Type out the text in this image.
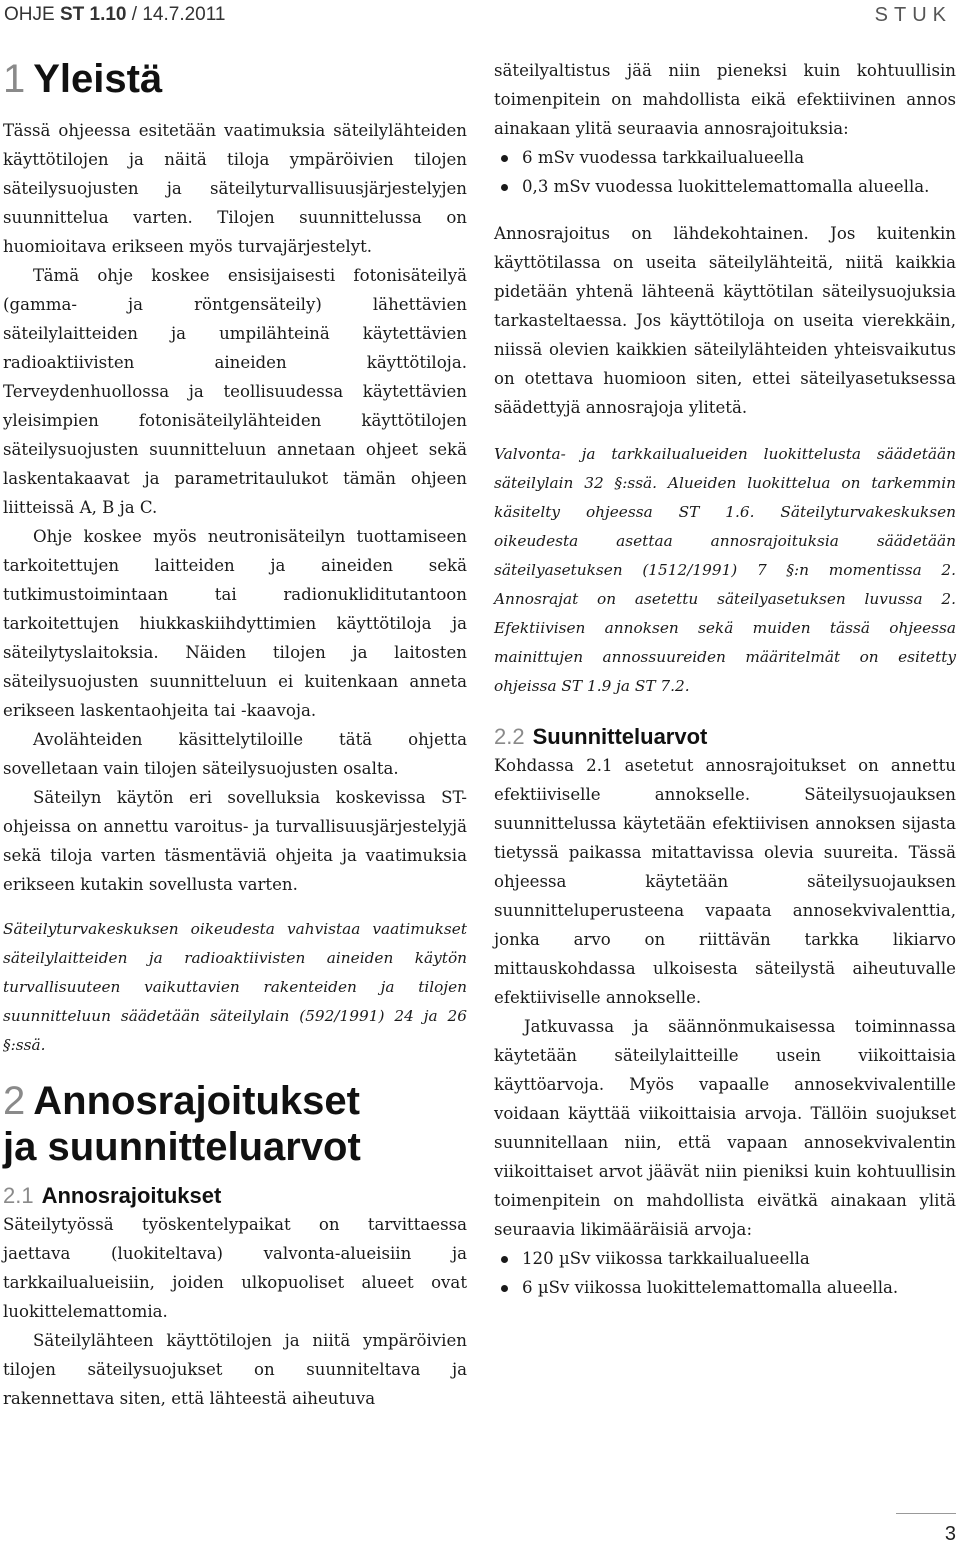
OHJE ST 1.10 / 14.7.2011	STUK
1 Yleistä

Tässä ohjeessa esitetään vaatimuksia säteilylähteiden käyttötilojen ja näitä tiloja ympäröivien tilojen säteilysuojusten ja säteilyturvallisuusjärjestelyjen suunnittelua varten. Tilojen suunnittelussa on huomioitava erikseen myös turvajärjestelyt.

Tämä ohje koskee ensisijaisesti fotonisäteilyä (gamma- ja röntgensäteily) lähettävien säteilylaitteiden ja umpilähteinä käytettävien radioaktiivisten aineiden käyttötiloja. Terveydenhuollossa ja teollisuudessa käytettävien yleisimpien fotonisäteilylähteiden käyttötilojen säteilysuojusten suunnitteluun annetaan ohjeet sekä laskentakaavat ja parametritaulukot tämän ohjeen liitteissä A, B ja C.

Ohje koskee myös neutronisäteilyn tuottamiseen tarkoitettujen laitteiden ja aineiden sekä tutkimustoimintaan tai radionukliditutantoon tarkoitettujen hiukkaskiihdyttimien käyttötiloja ja säteilytyslaitoksia. Näiden tilojen ja laitosten säteilysuojusten suunnitteluun ei kuitenkaan anneta erikseen laskentaohjeita tai -kaavoja.

Avolähteiden käsittelytiloille tätä ohjetta sovelletaan vain tilojen säteilysuojusten osalta.

Säteilyn käytön eri sovelluksia koskevissa ST-ohjeissa on annettu varoitus- ja turvallisuusjärjestelyjä sekä tiloja varten täsmentäviä ohjeita ja vaatimuksia erikseen kutakin sovellusta varten.

Säteilyturvakeskuksen oikeudesta vahvistaa vaatimukset säteilylaitteiden ja radioaktiivisten aineiden käytön turvallisuuteen vaikuttavien rakenteiden ja tilojen suunnitteluun säädetään säteilylain (592/1991) 24 ja 26 §:ssä.

2 Annosrajoitukset
ja suunnitteluarvot
2.1 Annosrajoitukset

Säteilytyössä työskentelypaikat on tarvittaessa jaettava (luokiteltava) valvonta-alueisiin ja tarkkailualueisiin, joiden ulkopuoliset alueet ovat luokittelemattomia.

Säteilylähteen käyttötilojen ja niitä ympäröivien tilojen säteilysuojukset on suunniteltava ja rakennettava siten, että lähteestä aiheutuva

säteilyaltistus jää niin pieneksi kuin kohtuullisin toimenpitein on mahdollista eikä efektiivinen annos ainakaan ylitä seuraavia annosrajoituksia:

6 mSv vuodessa tarkkailualueella
0,3 mSv vuodessa luokittelemattomalla alueella.

Annosrajoitus on lähdekohtainen. Jos kuitenkin käyttötilassa on useita säteilylähteitä, niitä kaikkia pidetään yhtenä lähteenä käyttötilan säteilysuojuksia tarkasteltaessa. Jos käyttötiloja on useita vierekkäin, niissä olevien kaikkien säteilylähteiden yhteisvaikutus on otettava huomioon siten, ettei säteilyasetuksessa säädettyjä annosrajoja ylitetä.

Valvonta- ja tarkkailualueiden luokittelusta säädetään säteilylain 32 §:ssä. Alueiden luokittelua on tarkemmin käsitelty ohjeessa ST 1.6. Säteilyturvakeskuksen oikeudesta asettaa annosrajoituksia säädetään säteilyasetuksen (1512/1991) 7 §:n momentissa 2. Annosrajat on asetettu säteilyasetuksen luvussa 2. Efektiivisen annoksen sekä muiden tässä ohjeessa mainittujen annossuureiden määritelmät on esitetty ohjeissa ST 1.9 ja ST 7.2.

2.2 Suunnitteluarvot

Kohdassa 2.1 asetetut annosrajoitukset on annettu efektiiviselle annokselle. Säteilysuojauksen suunnittelussa käytetään efektiivisen annoksen sijasta tietyssä paikassa mitattavissa olevia suureita. Tässä ohjeessa käytetään säteilysuojauksen suunnitteluperusteena vapaata annosekvivalenttia, jonka arvo on riittävän tarkka likiarvo mittauskohdassa ulkoisesta säteilystä aiheutuvalle efektiiviselle annokselle.

Jatkuvassa ja säännönmukaisessa toiminnassa käytetään säteilylaitteille usein viikoittaisia käyttöarvoja. Myös vapaalle annosekvivalentille voidaan käyttää viikoittaisia arvoja. Tällöin suojukset suunnitellaan niin, että vapaan annosekvivalentin viikoittaiset arvot jäävät niin pieniksi kuin kohtuullisin toimenpitein on mahdollista eivätkä ainakaan ylitä seuraavia likimääräisiä arvoja:

120 µSv viikossa tarkkailualueella
6 µSv viikossa luokittelemattomalla alueella.
3
